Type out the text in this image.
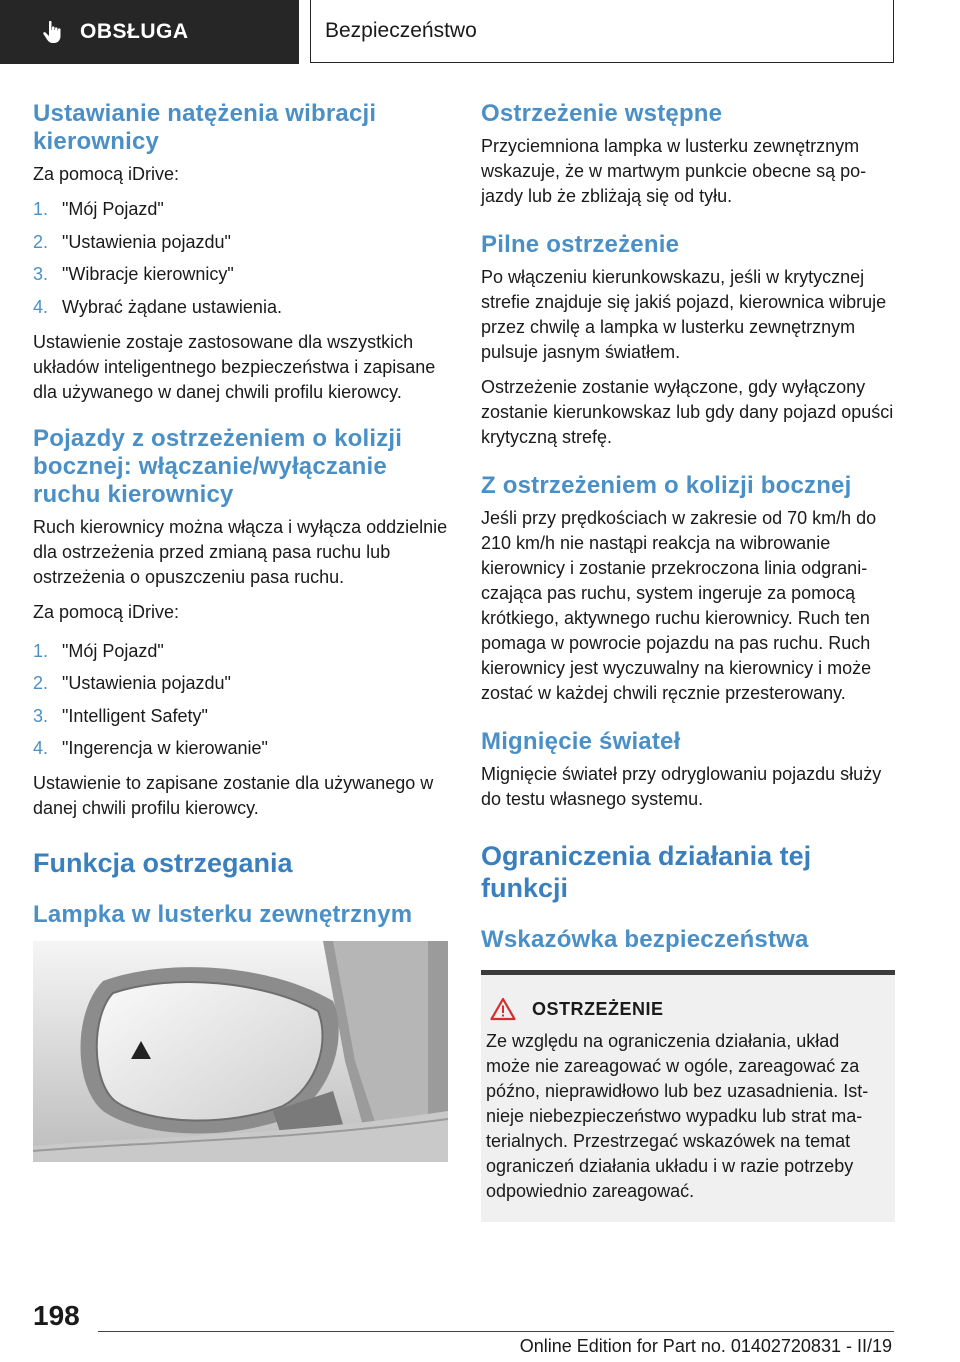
OBSŁUGA	Bezpieczeństwo
Ustawianie natężenia wibracji kierownicy

Za pomocą iDrive:

1. "Mój Pojazd"
2. "Ustawienia pojazdu"
3. "Wibracje kierownicy"
4. Wybrać żądane ustawienia.

Ustawienie zostaje zastosowane dla wszystkich układów inteligentnego bezpieczeństwa i zapisane dla używanego w danej chwili profilu kierowcy.

Pojazdy z ostrzeżeniem o kolizji bocznej: włączanie/wyłączanie ruchu kierownicy

Ruch kierownicy można włącza i wyłącza oddzielnie dla ostrzeżenia przed zmianą pasa ruchu lub ostrzeżenia o opuszczeniu pasa ruchu.

Za pomocą iDrive:

1. "Mój Pojazd"
2. "Ustawienia pojazdu"
3. "Intelligent Safety"
4. "Ingerencja w kierowanie"

Ustawienie to zapisane zostanie dla używanego w danej chwili profilu kierowcy.

Funkcja ostrzegania
Lampka w lusterku zewnętrznym
Ostrzeżenie wstępne

Przyciemniona lampka w lusterku zewnętrznym wskazuje, że w martwym punkcie obecne są pojazdy lub że zbliżają się od tyłu.

Pilne ostrzeżenie

Po włączeniu kierunkowskazu, jeśli w krytycznej strefie znajduje się jakiś pojazd, kierownica wibruje przez chwilę a lampka w lusterku zewnętrznym pulsuje jasnym światłem.

Ostrzeżenie zostanie wyłączone, gdy wyłączony zostanie kierunkowskaz lub gdy dany pojazd opuści krytyczną strefę.

Z ostrzeżeniem o kolizji bocznej

Jeśli przy prędkościach w zakresie od 70 km/h do 210 km/h nie nastąpi reakcja na wibrowanie kierownicy i zostanie przekroczona linia odgraniczająca pas ruchu, system ingeruje za pomocą krótkiego, aktywnego ruchu kierownicy. Ruch ten pomaga w powrocie pojazdu na pas ruchu. Ruch kierownicy jest wyczuwalny na kierownicy i może zostać w każdej chwili ręcznie przesterowany.

Mignięcie świateł

Mignięcie świateł przy odryglowaniu pojazdu służy do testu własnego systemu.

Ograniczenia działania tej funkcji
Wskazówka bezpieczeństwa
OSTRZEŻENIE

Ze względu na ograniczenia działania, układ może nie zareagować w ogóle, zareagować za późno, nieprawidłowo lub bez uzasadnienia. Istnieje niebezpieczeństwo wypadku lub strat materialnych. Przestrzegać wskazówek na temat ograniczeń działania układu i w razie potrzeby odpowiednio zareagować.

198
Online Edition for Part no. 01402720831 - II/19
